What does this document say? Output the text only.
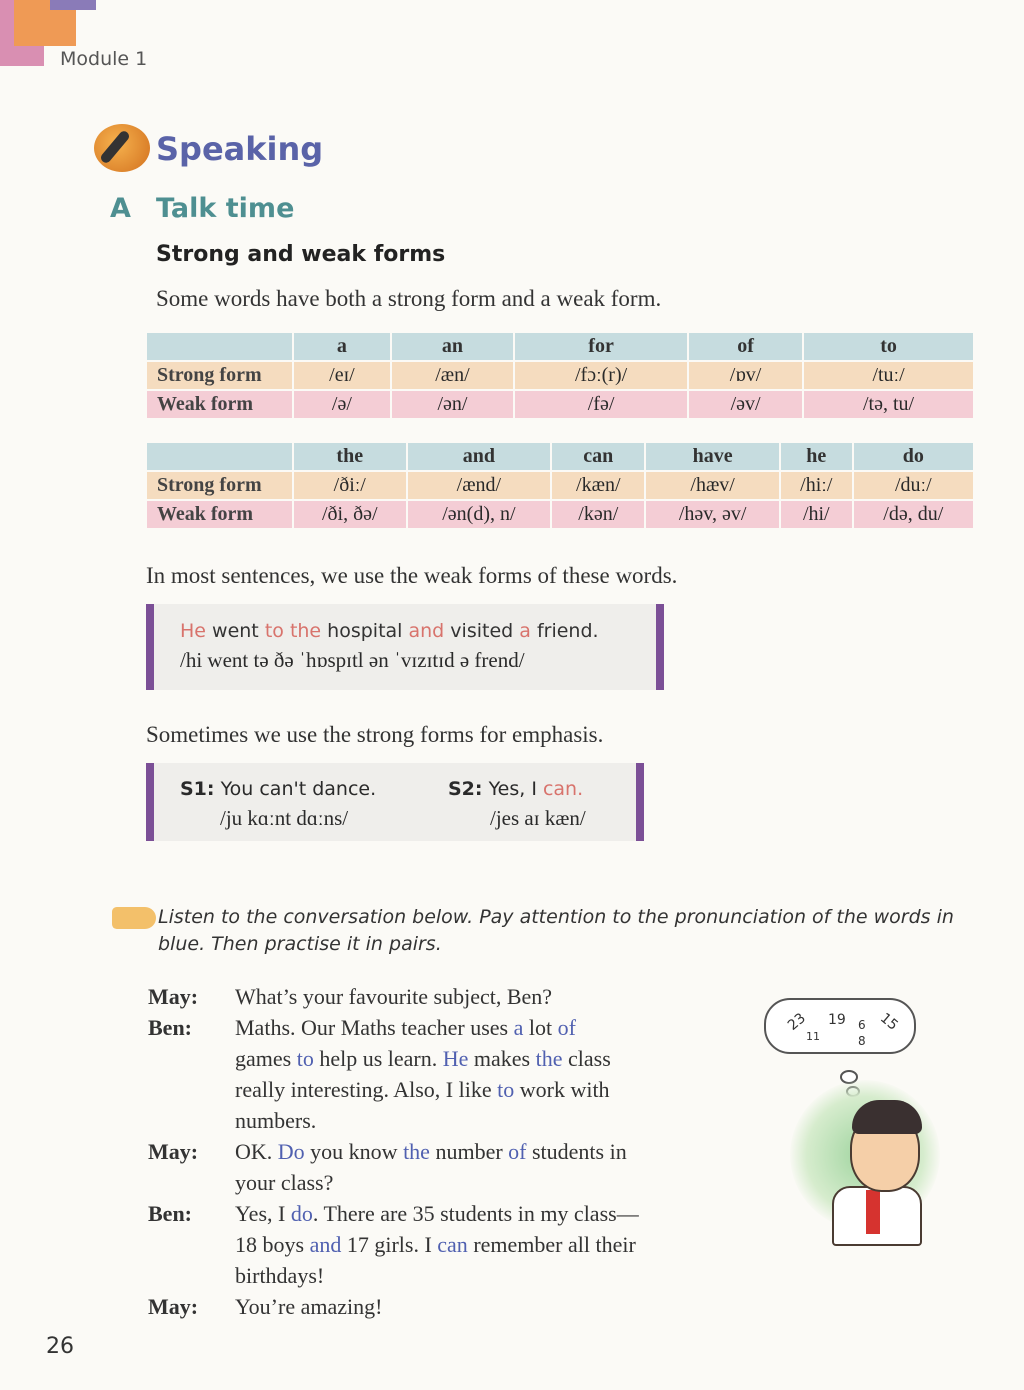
Module 1
Speaking
A Talk time
Strong and weak forms
Some words have both a strong form and a weak form.
	a	an	for	of	to
Strong form	/eɪ/	/æn/	/fɔː(r)/	/ɒv/	/tuː/
Weak form	/ə/	/ən/	/fə/	/əv/	/tə, tu/
	the	and	can	have	he	do
Strong form	/ðiː/	/ænd/	/kæn/	/hæv/	/hiː/	/duː/
Weak form	/ði, ðə/	/ən(d), n/	/kən/	/həv, əv/	/hi/	/də, du/
In most sentences, we use the weak forms of these words.
He went to the hospital and visited a friend.
/hi went tə ðə ˈhɒspɪtl ən ˈvɪzɪtɪd ə frend/
Sometimes we use the strong forms for emphasis.
S1: You can't dance.
/ju kɑːnt dɑːns/
S2: Yes, I can.
/jes aɪ kæn/
Listen to the conversation below. Pay attention to the pronunciation of the words in blue. Then practise it in pairs.
May: What’s your favourite subject, Ben?
Ben: Maths. Our Maths teacher uses a lot of
games to help us learn. He makes the class
really interesting. Also, I like to work with
numbers.
May: OK. Do you know the number of students in
your class?
Ben: Yes, I do. There are 35 students in my class—
18 boys and 17 girls. I can remember all their
birthdays!
May: You’re amazing!
23
11
19 6
8
15
26
